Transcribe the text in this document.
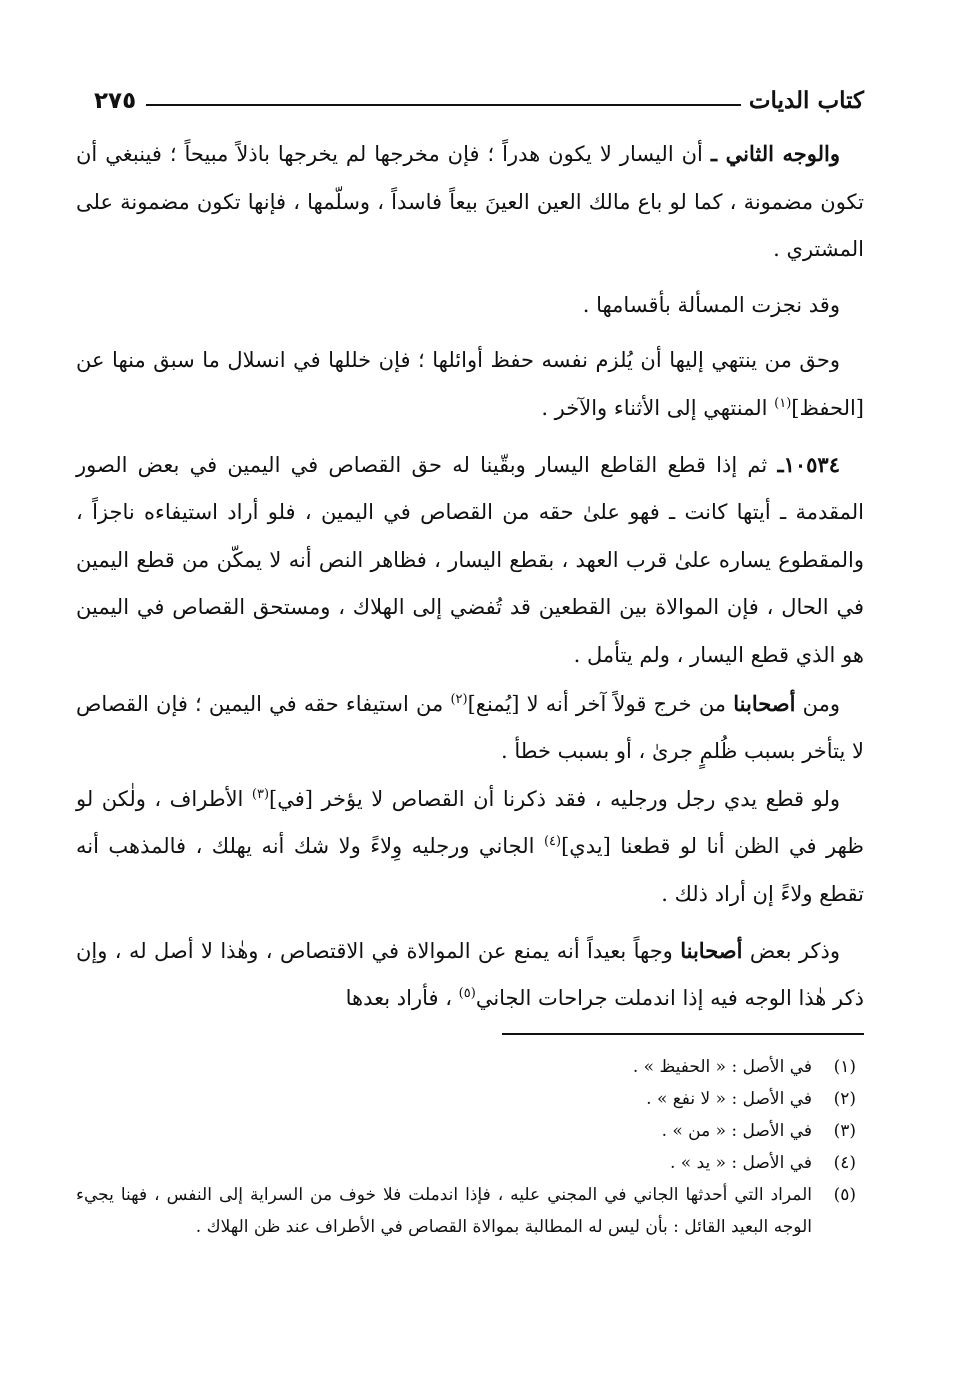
كتاب الديات
٢٧٥

والوجه الثاني ـ أن اليسار لا يكون هدراً ؛ فإن مخرجها لم يخرجها باذلاً مبيحاً ؛ فينبغي أن تكون مضمونة ، كما لو باع مالك العين العينَ بيعاً فاسداً ، وسلّمها ، فإنها تكون مضمونة على المشتري .

وقد نجزت المسألة بأقسامها .

وحق من ينتهي إليها أن يُلزم نفسه حفظ أوائلها ؛ فإن خللها في انسلال ما سبق منها عن [الحفظ]$^{(١)}$ المنتهي إلى الأثناء والآخر .

١٠٥٣٤ـ ثم إذا قطع القاطع اليسار وبقّينا له حق القصاص في اليمين في بعض الصور المقدمة ـ أيتها كانت ـ فهو علىٰ حقه من القصاص في اليمين ، فلو أراد استيفاءه ناجزاً ، والمقطوع يساره علىٰ قرب العهد ، بقطع اليسار ، فظاهر النص أنه لا يمكّن من قطع اليمين في الحال ، فإن الموالاة بين القطعين قد تُفضي إلى الهلاك ، ومستحق القصاص في اليمين هو الذي قطع اليسار ، ولم يتأمل .

ومن أصحابنا من خرج قولاً آخر أنه لا [يُمنع]$^{(٢)}$ من استيفاء حقه في اليمين ؛ فإن القصاص لا يتأخر بسبب ظُلمٍ جرىٰ ، أو بسبب خطأ .

ولو قطع يدي رجل ورجليه ، فقد ذكرنا أن القصاص لا يؤخر [في]$^{(٣)}$ الأطراف ، ولٰكن لو ظهر في الظن أنا لو قطعنا [يدي]$^{(٤)}$ الجاني ورجليه وِلاءً ولا شك أنه يهلك ، فالمذهب أنه تقطع ولاءً إن أراد ذلك .

وذكر بعض أصحابنا وجهاً بعيداً أنه يمنع عن الموالاة في الاقتصاص ، وهٰذا لا أصل له ، وإن ذكر هٰذا الوجه فيه إذا اندملت جراحات الجاني$^{(٥)}$ ، فأراد بعدها

(١)
في الأصل : « الحفيظ » .
(٢)
في الأصل : « لا نفع » .
(٣)
في الأصل : « من » .
(٤)
في الأصل : « يد » .
(٥)
المراد التي أحدثها الجاني في المجني عليه ، فإذا اندملت فلا خوف من السراية إلى النفس ، فهنا يجيء الوجه البعيد القائل : بأن ليس له المطالبة بموالاة القصاص في الأطراف عند ظن الهلاك .
